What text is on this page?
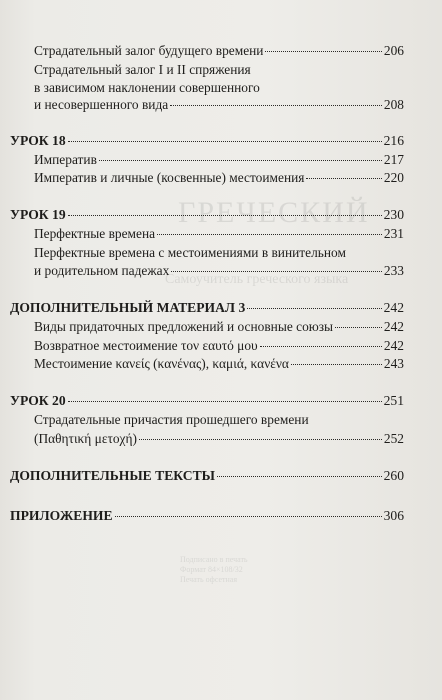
ГРЕЧЕСКИЙ
Самоучитель греческого языка
Подписано в печать
Формат 84×108/32
Печать офсетная
Страдательный залог будущего времени	206
Страдательный залог I и II спряжения
в зависимом наклонении совершенного
и несовершенного вида	208
УРОК 18	216
Императив	217
Императив и личные (косвенные) местоимения	220
УРОК 19	230
Перфектные времена	231
Перфектные времена с местоимениями в винительном
и родительном падежах	233
ДОПОЛНИТЕЛЬНЫЙ МАТЕРИАЛ 3	242
Виды придаточных предложений и основные союзы	242
Возвратное местоимение τον εαυτό μου	242
Местоимение κανείς (κανένας), καμιά, κανένα	243
УРОК 20	251
Страдательные причастия прошедшего времени
(Παθητική μετοχή)	252
ДОПОЛНИТЕЛЬНЫЕ ТЕКСТЫ	260
ПРИЛОЖЕНИЕ	306
